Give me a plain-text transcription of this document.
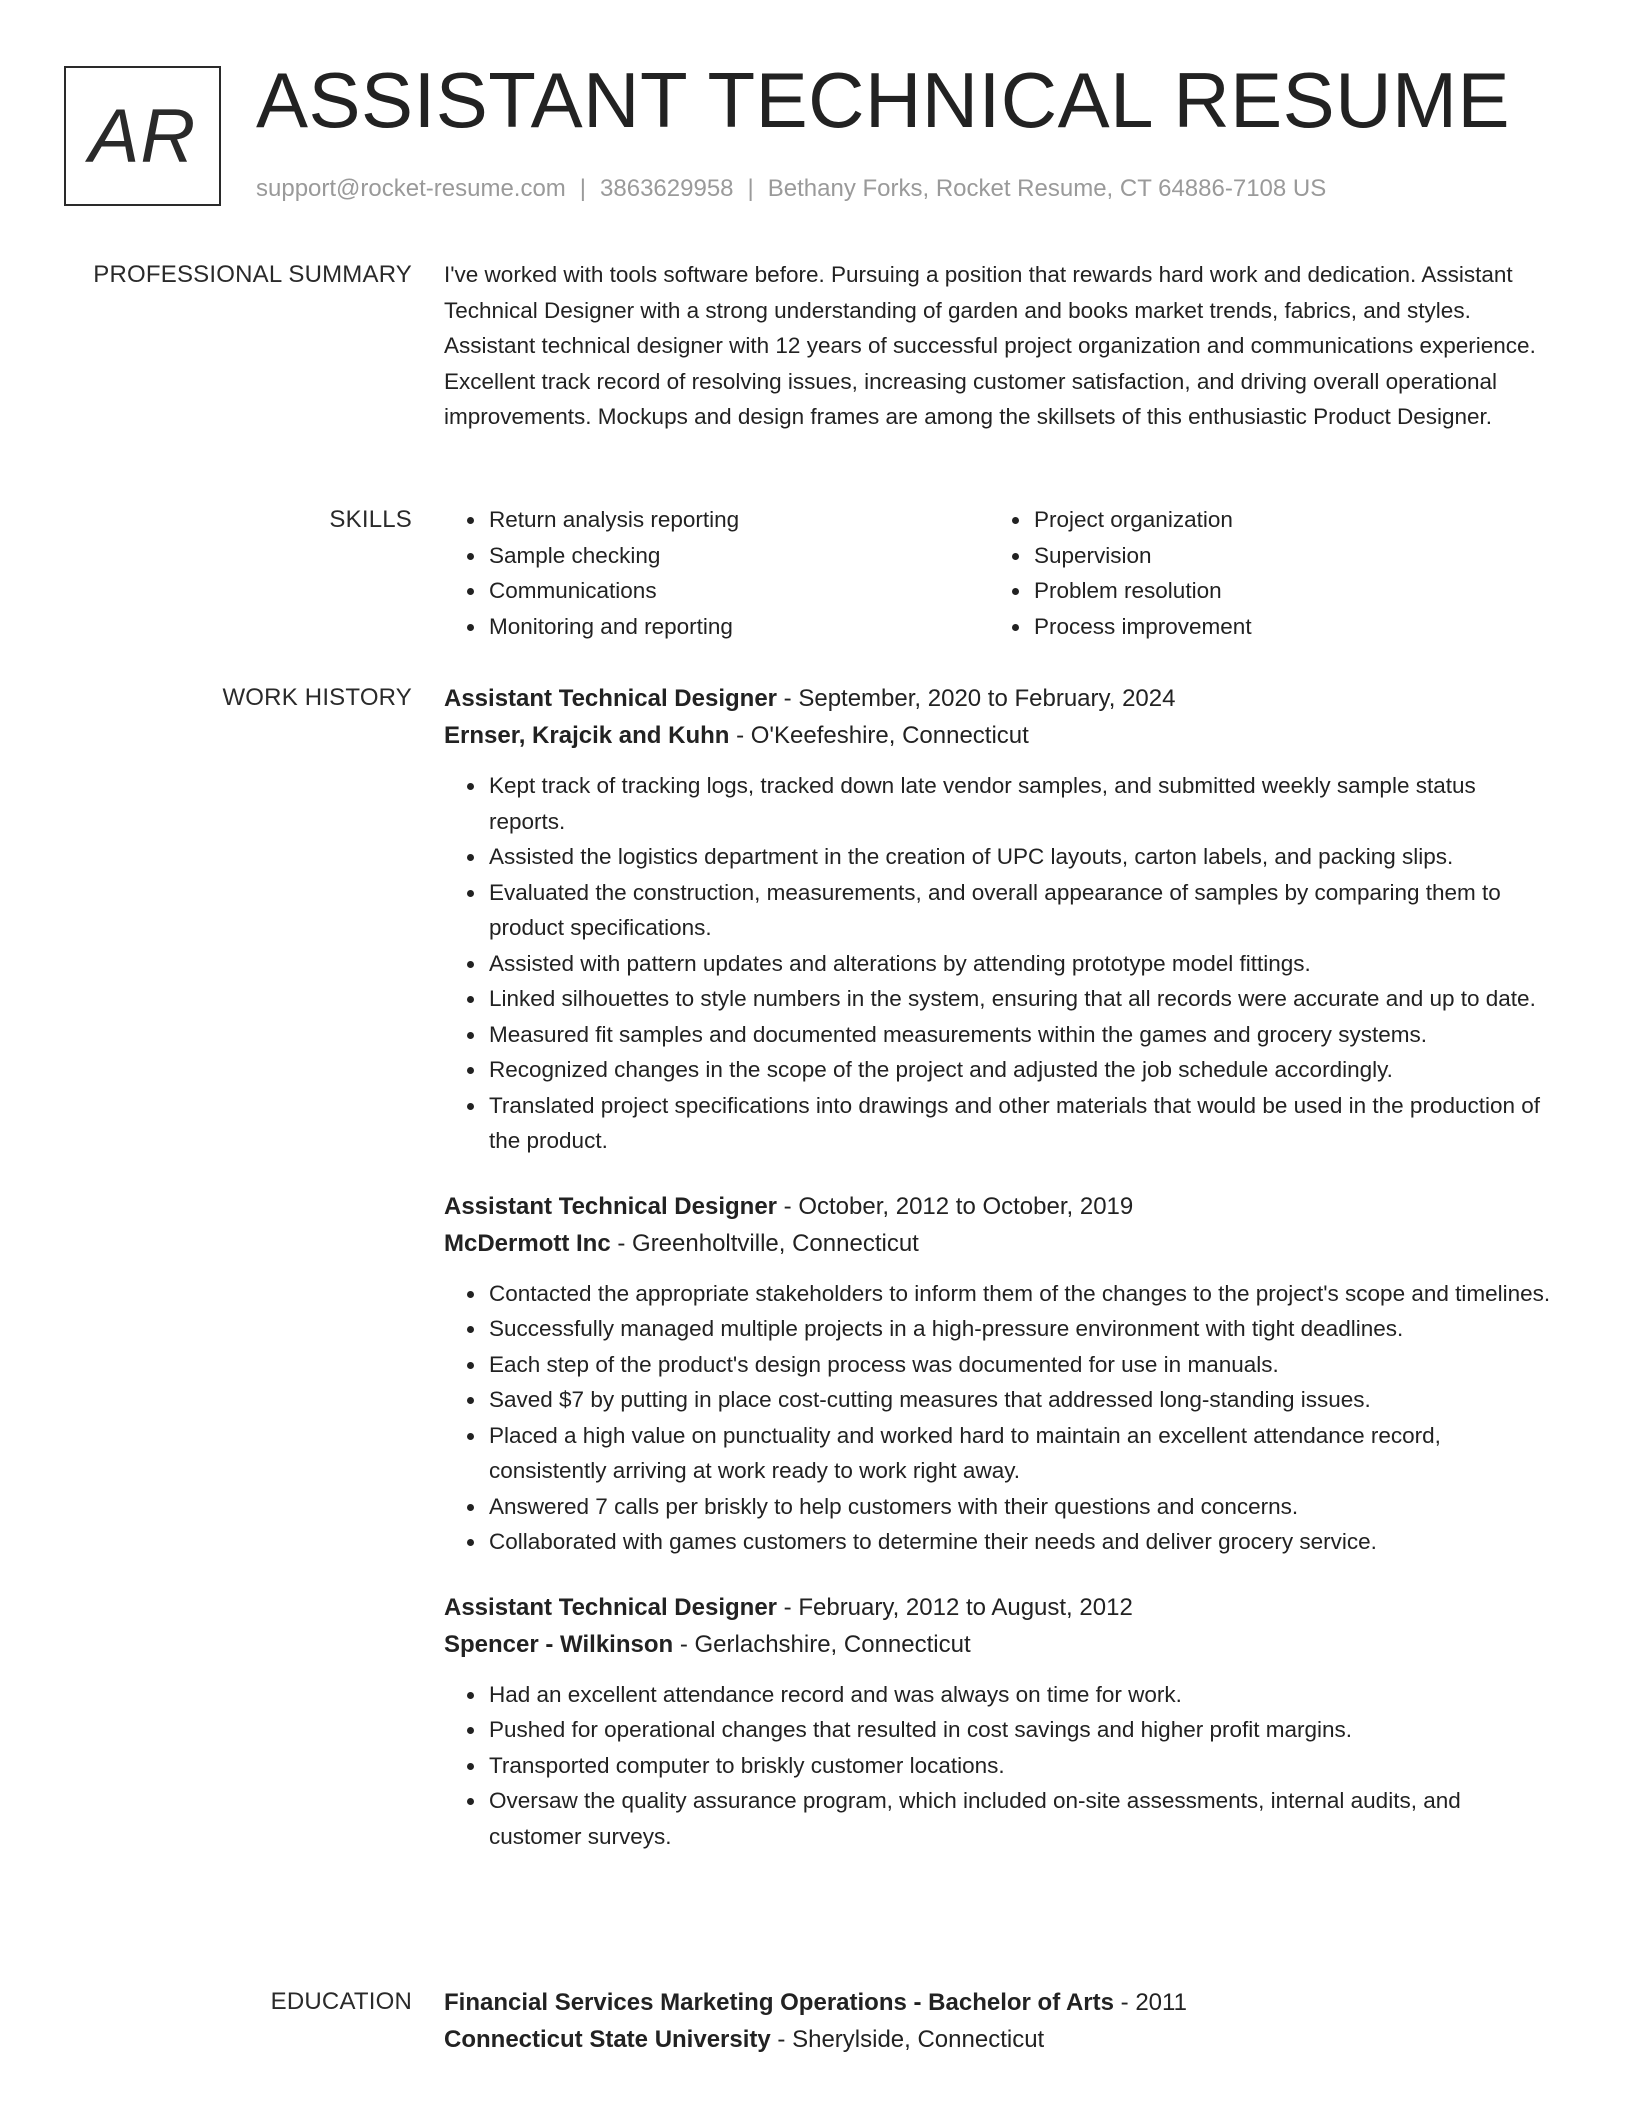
AR ASSISTANT TECHNICAL RESUME
support@rocket-resume.com | 3863629958 | Bethany Forks, Rocket Resume, CT 64886-7108 US
PROFESSIONAL SUMMARY I've worked with tools software before. Pursuing a position that rewards hard work and dedication. Assistant Technical Designer with a strong understanding of garden and books market trends, fabrics, and styles. Assistant technical designer with 12 years of successful project organization and communications experience. Excellent track record of resolving issues, increasing customer satisfaction, and driving overall operational improvements. Mockups and design frames are among the skillsets of this enthusiastic Product Designer.

SKILLS
•	Return analysis reporting
• Sample checking
• Communications
• Monitoring and reporting
• Project organization
• Supervision
• Problem resolution
• Process improvement
WORK HISTORY Assistant Technical Designer - September, 2020 to February, 2024
Ernser, Krajcik and Kuhn - O'Keefeshire, Connecticut
• Kept track of tracking logs, tracked down late vendor samples, and submitted weekly sample status reports.
• Assisted the logistics department in the creation of UPC layouts, carton labels, and packing slips.
• Evaluated the construction, measurements, and overall appearance of samples by comparing them to product specifications.
• Assisted with pattern updates and alterations by attending prototype model fittings.
• Linked silhouettes to style numbers in the system, ensuring that all records were accurate and up to date.
• Measured fit samples and documented measurements within the games and grocery systems.
• Recognized changes in the scope of the project and adjusted the job schedule accordingly.
• Translated project specifications into drawings and other materials that would be used in the production of the product.
Assistant Technical Designer - October, 2012 to October, 2019
McDermott Inc - Greenholtville, Connecticut
• Contacted the appropriate stakeholders to inform them of the changes to the project's scope and timelines.
• Successfully managed multiple projects in a high-pressure environment with tight deadlines.
• Each step of the product's design process was documented for use in manuals.
• Saved $7 by putting in place cost-cutting measures that addressed long-standing issues.
• Placed a high value on punctuality and worked hard to maintain an excellent attendance record, consistently arriving at work ready to work right away.
• Answered 7 calls per briskly to help customers with their questions and concerns.
• Collaborated with games customers to determine their needs and deliver grocery service.
Assistant Technical Designer - February, 2012 to August, 2012
Spencer - Wilkinson - Gerlachshire, Connecticut
• Had an excellent attendance record and was always on time for work.
• Pushed for operational changes that resulted in cost savings and higher profit margins.
• Transported computer to briskly customer locations.
• Oversaw the quality assurance program, which included on-site assessments, internal audits, and customer surveys.
EDUCATION Financial Services Marketing Operations - Bachelor of Arts - 2011
Connecticut State University - Sherylside, Connecticut
